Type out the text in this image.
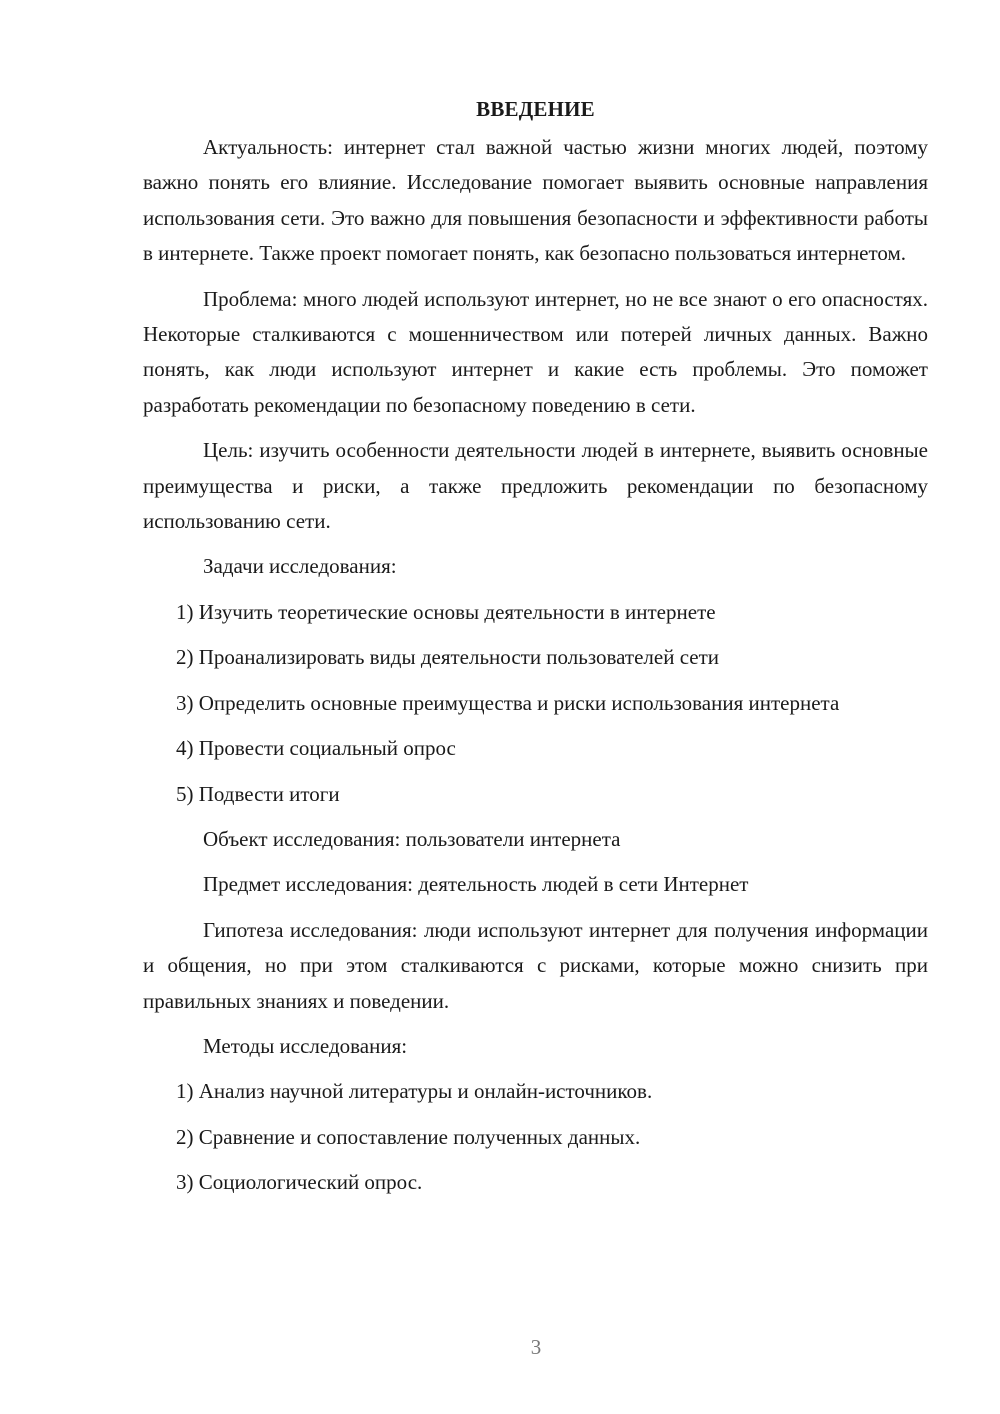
ВВЕДЕНИЕ

Актуальность: интернет стал важной частью жизни многих людей, поэтому важно понять его влияние. Исследование помогает выявить основные направления использования сети. Это важно для повышения безопасности и эффективности работы в интернете. Также проект помогает понять, как безопасно пользоваться интернетом.

Проблема: много людей используют интернет, но не все знают о его опасностях. Некоторые сталкиваются с мошенничеством или потерей личных данных. Важно понять, как люди используют интернет и какие есть проблемы. Это поможет разработать рекомендации по безопасному поведению в сети.

Цель: изучить особенности деятельности людей в интернете, выявить основные преимущества и риски, а также предложить рекомендации по безопасному использованию сети.

Задачи исследования:

1) Изучить теоретические основы деятельности в интернете

2) Проанализировать виды деятельности пользователей сети

3) Определить основные преимущества и риски использования интернета

4) Провести социальный опрос

5) Подвести итоги

Объект исследования: пользователи интернета

Предмет исследования: деятельность людей в сети Интернет

Гипотеза исследования: люди используют интернет для получения информации и общения, но при этом сталкиваются с рисками, которые можно снизить при правильных знаниях и поведении.

Методы исследования:

1) Анализ научной литературы и онлайн-источников.

2) Сравнение и сопоставление полученных данных.

3) Социологический опрос.

3
